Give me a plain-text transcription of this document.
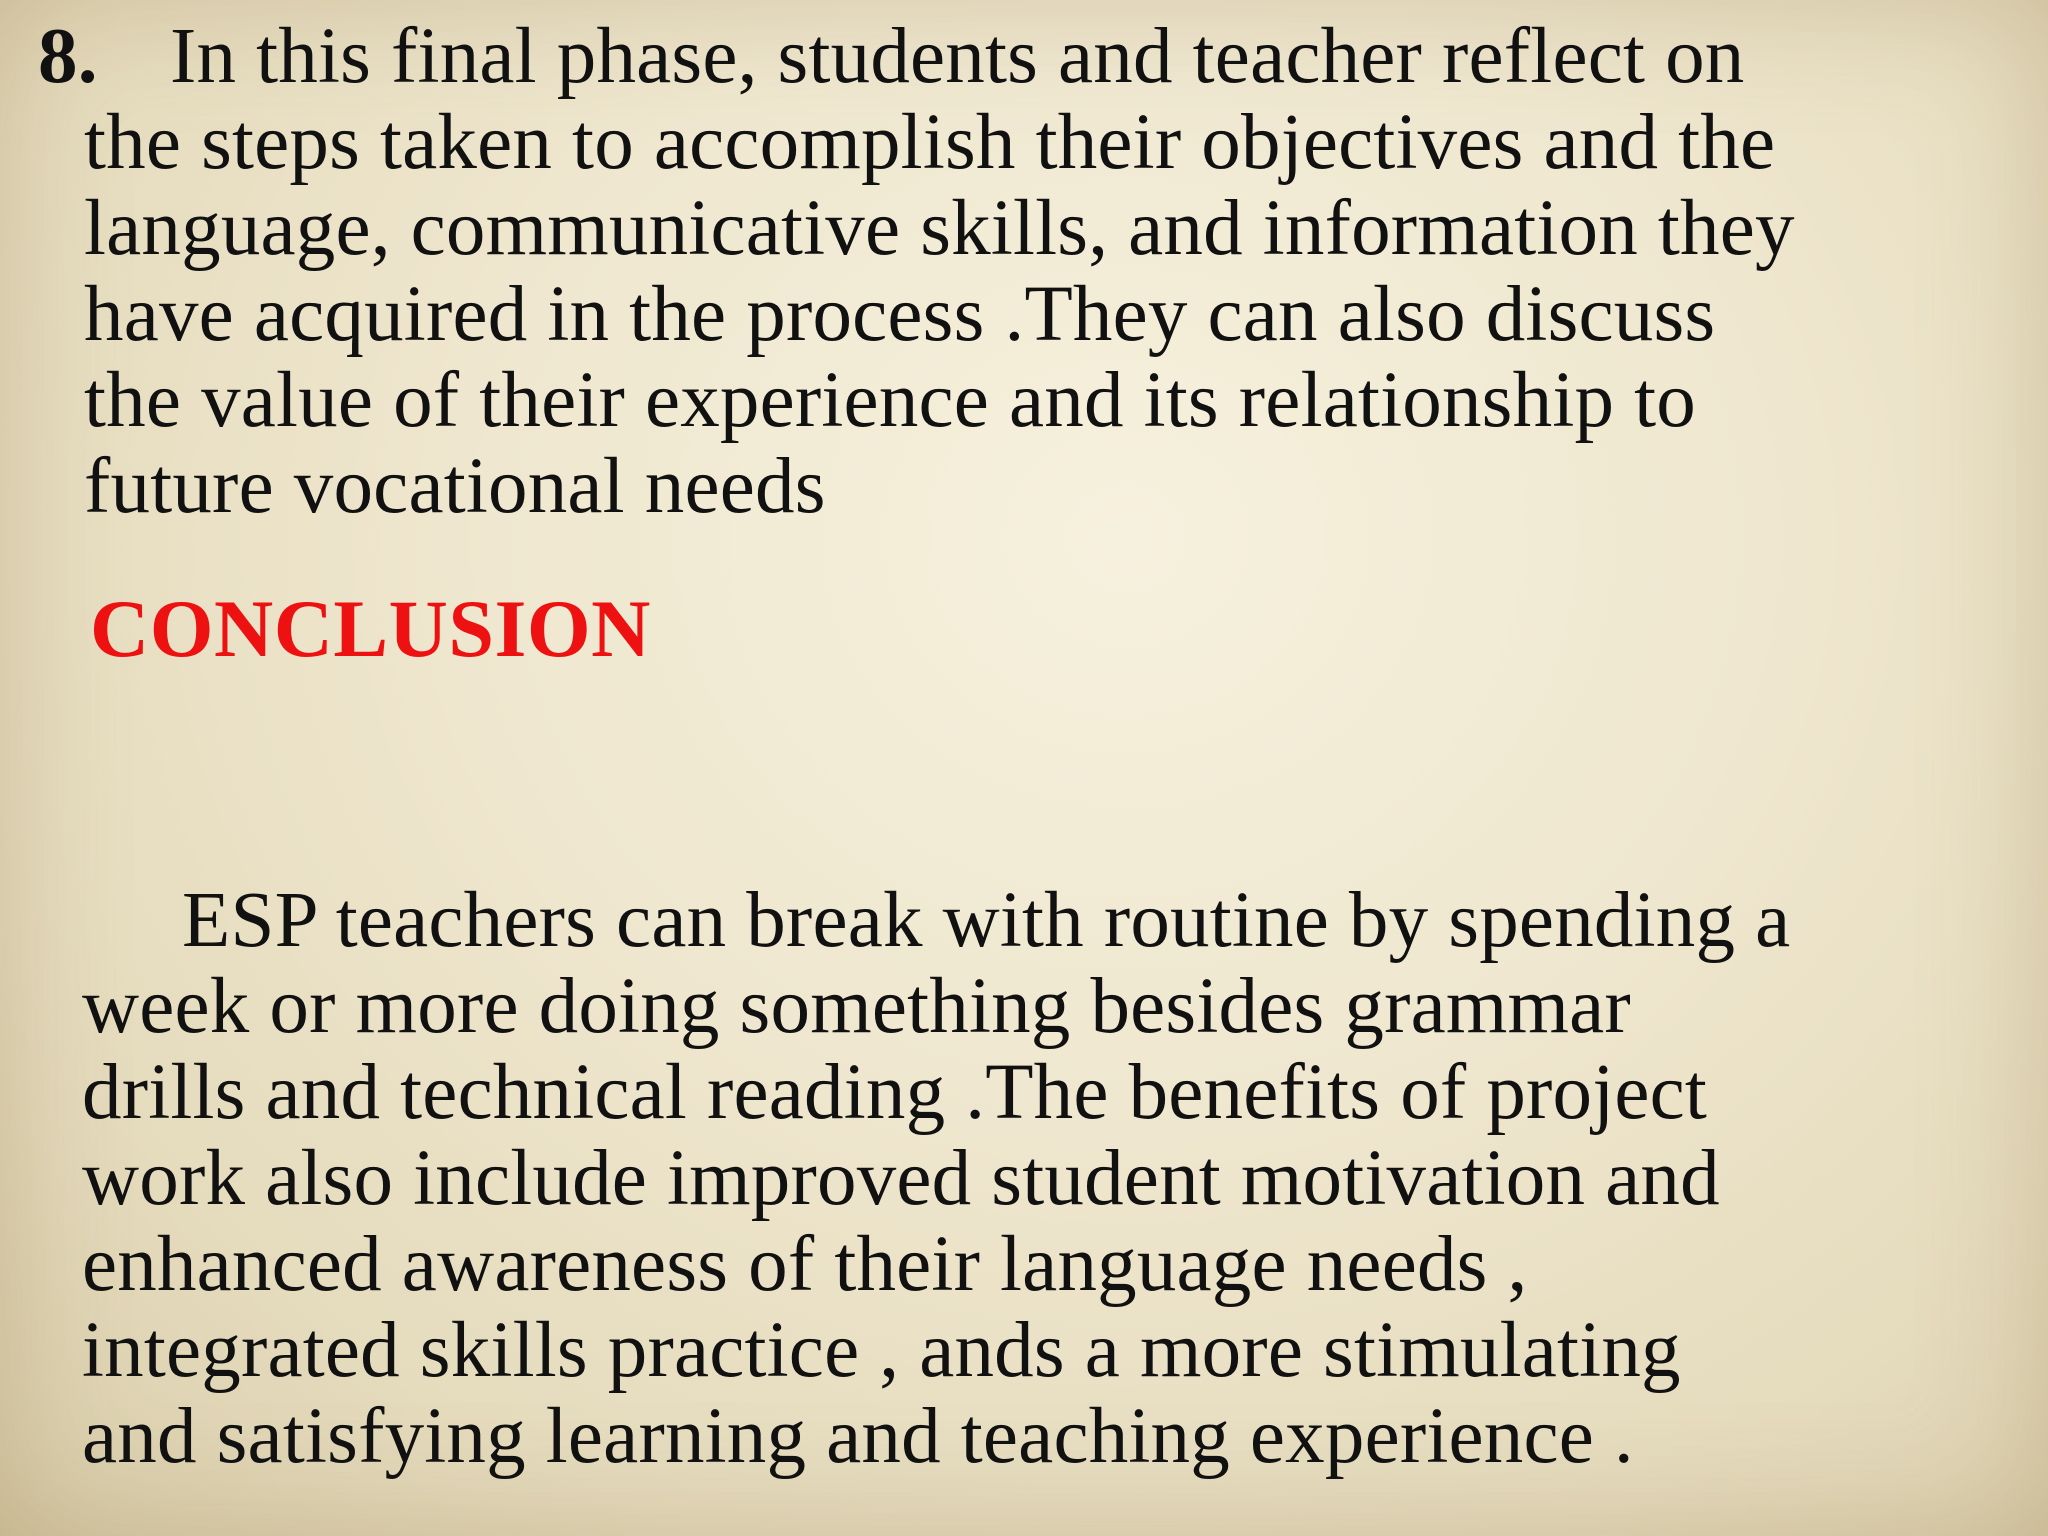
8. In this final phase, students and teacher reflect on
the steps taken to accomplish their objectives and the
language, communicative skills, and information they
have acquired in the process .They can also discuss
the value of their experience and its relationship to
future vocational needs

CONCLUSION

ESP teachers can break with routine by spending a
week or more doing something besides grammar
drills and technical reading .The benefits of project
work also include improved student motivation and
enhanced awareness of their language needs ,
integrated skills practice , ands a more stimulating
and satisfying learning and teaching experience .
